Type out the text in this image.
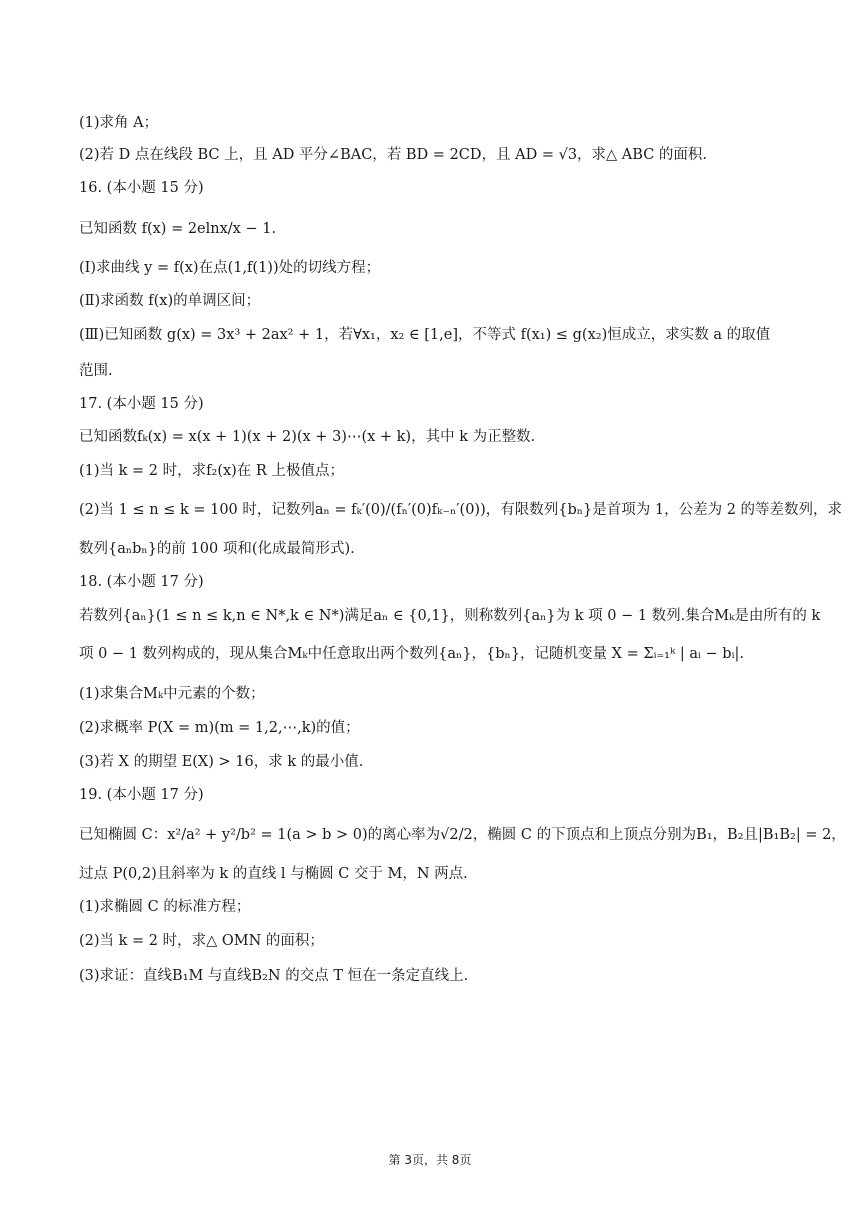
(1)求角 A；
(2)若 D 点在线段 BC 上，且 AD 平分∠BAC，若 BD = 2CD，且 AD = √3，求△ ABC 的面积.
16. (本小题 15 分)
已知函数 f(x) = 2elnx/x − 1.
(Ⅰ)求曲线 y = f(x)在点(1,f(1))处的切线方程；
(Ⅱ)求函数 f(x)的单调区间；
(Ⅲ)已知函数 g(x) = 3x³ + 2ax² + 1，若∀x₁，x₂ ∈ [1,e]，不等式 f(x₁) ≤ g(x₂)恒成立，求实数 a 的取值
范围.
17. (本小题 15 分)
已知函数fₖ(x) = x(x + 1)(x + 2)(x + 3)⋯(x + k)，其中 k 为正整数.
(1)当 k = 2 时，求f₂(x)在 R 上极值点；
(2)当 1 ≤ n ≤ k = 100 时，记数列aₙ = fₖ′(0)/(fₙ′(0)fₖ₋ₙ′(0))，有限数列{bₙ}是首项为 1，公差为 2 的等差数列，求
数列{aₙbₙ}的前 100 项和(化成最简形式).
18. (本小题 17 分)
若数列{aₙ}(1 ≤ n ≤ k,n ∈ N*,k ∈ N*)满足aₙ ∈ {0,1}，则称数列{aₙ}为 k 项 0 − 1 数列.集合Mₖ是由所有的 k
项 0 − 1 数列构成的，现从集合Mₖ中任意取出两个数列{aₙ}，{bₙ}，记随机变量 X = Σᵢ₌₁ᵏ | aᵢ − bᵢ|.
(1)求集合Mₖ中元素的个数；
(2)求概率 P(X = m)(m = 1,2,⋯,k)的值；
(3)若 X 的期望 E(X) > 16，求 k 的最小值.
19. (本小题 17 分)
已知椭圆 C：x²/a² + y²/b² = 1(a > b > 0)的离心率为√2/2，椭圆 C 的下顶点和上顶点分别为B₁，B₂且|B₁B₂| = 2，
过点 P(0,2)且斜率为 k 的直线 l 与椭圆 C 交于 M，N 两点.
(1)求椭圆 C 的标准方程；
(2)当 k = 2 时，求△ OMN 的面积；
(3)求证：直线B₁M 与直线B₂N 的交点 T 恒在一条定直线上.
第 3页，共 8页
